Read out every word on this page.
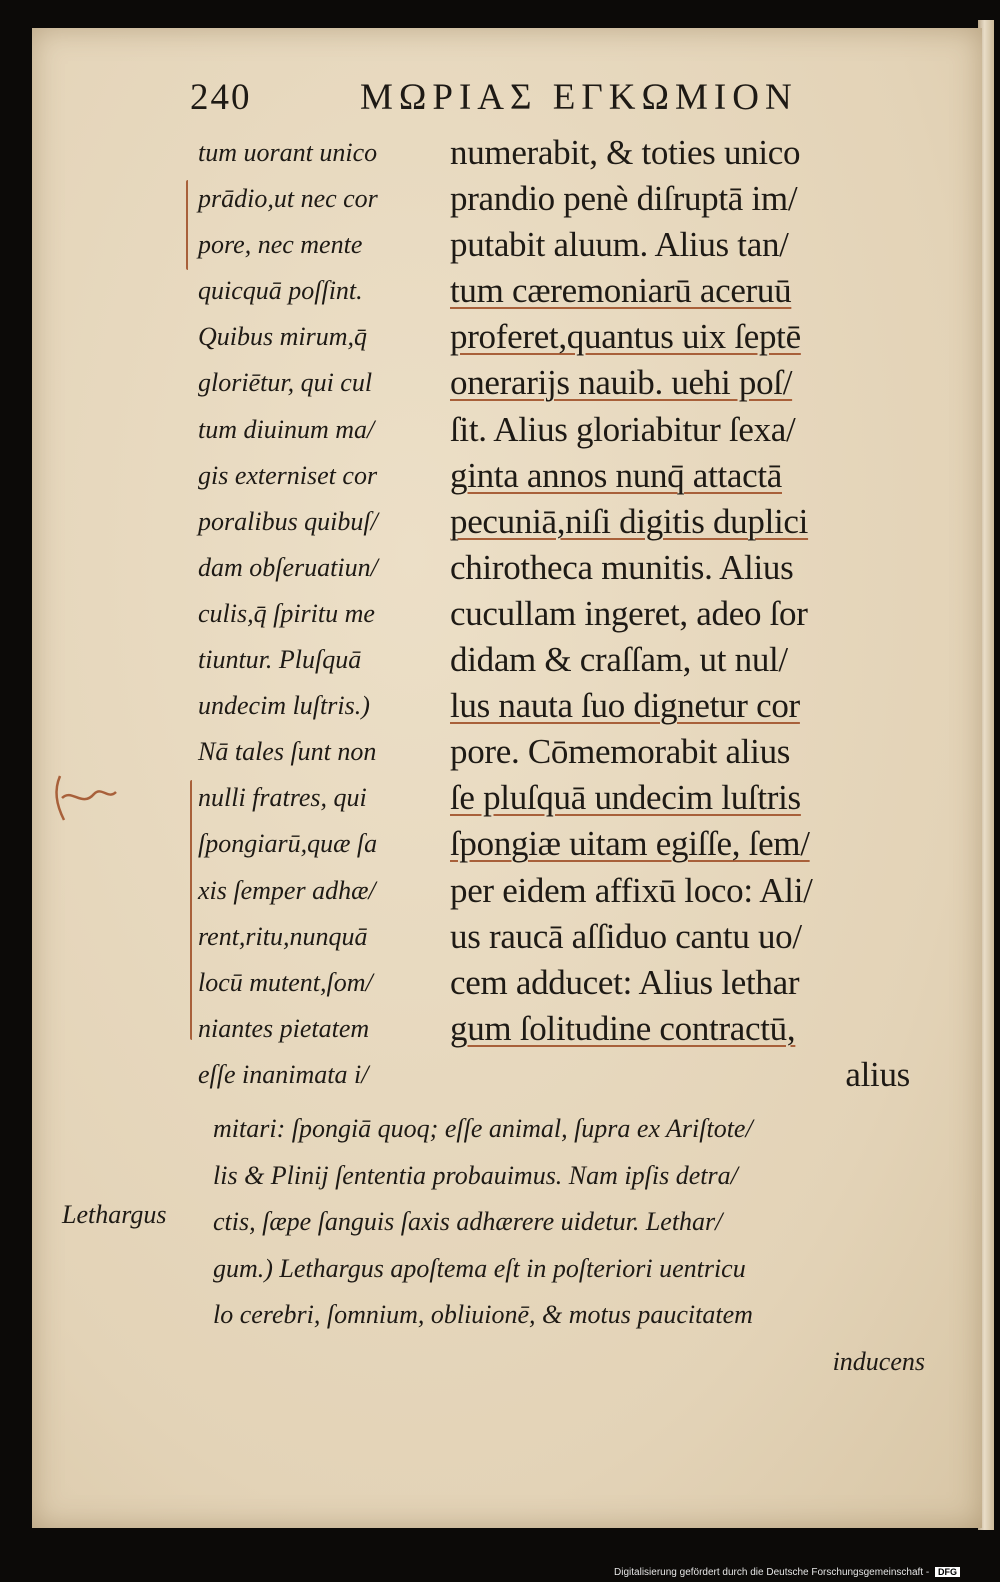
240	ΜΩΡΙΑΣ ΕΓΚΩΜΙΟΝ
tum uorant unico
prādio,ut nec cor
pore, nec mente
quicquā poſſint.
Quibus mirum,q̄
gloriētur, qui cul
tum diuinum ma/
gis externiset cor
poralibus quibuſ/
dam obſeruatiun/
culis,q̄ ſpiritu me
tiuntur. Pluſquā
undecim luſtris.)
Nā tales ſunt non
nulli fratres, qui
ſpongiarū,quæ ſa
xis ſemper adhæ/
rent,ritu,nunquā
locū mutent,ſom/
niantes pietatem
eſſe inanimata i/
numerabit, & toties unico
prandio penè diſruptā im/
putabit aluum. Alius tan/
tum cæremoniarū aceruū
proferet,quantus uix ſeptē
onerarijs nauib. uehi poſ/
ſit. Alius gloriabitur ſexa/
ginta annos nunq̄ attactā
pecuniā,niſi digitis duplici
chirotheca munitis. Alius
cucullam ingeret, adeo ſor
didam & craſſam, ut nul/
lus nauta ſuo dignetur cor
pore. Cōmemorabit alius
ſe pluſquā undecim luſtris
ſpongiæ uitam egiſſe, ſem/
per eidem affixū loco: Ali/
us raucā aſſiduo cantu uo/
cem adducet: Alius lethar
gum ſolitudine contractū,
alius
mitari: ſpongiā quoq; eſſe animal, ſupra ex Ariſtote/
lis & Plinij ſententia probauimus. Nam ipſis detra/
ctis, ſæpe ſanguis ſaxis adhærere uidetur. Lethar/
gum.) Lethargus apoſtema eſt in poſteriori uentricu
lo cerebri, ſomnium, obliuionē, & motus paucitatem
inducens
Lethargus
Digitalisierung gefördert durch die Deutsche Forschungsgemeinschaft - DFG
